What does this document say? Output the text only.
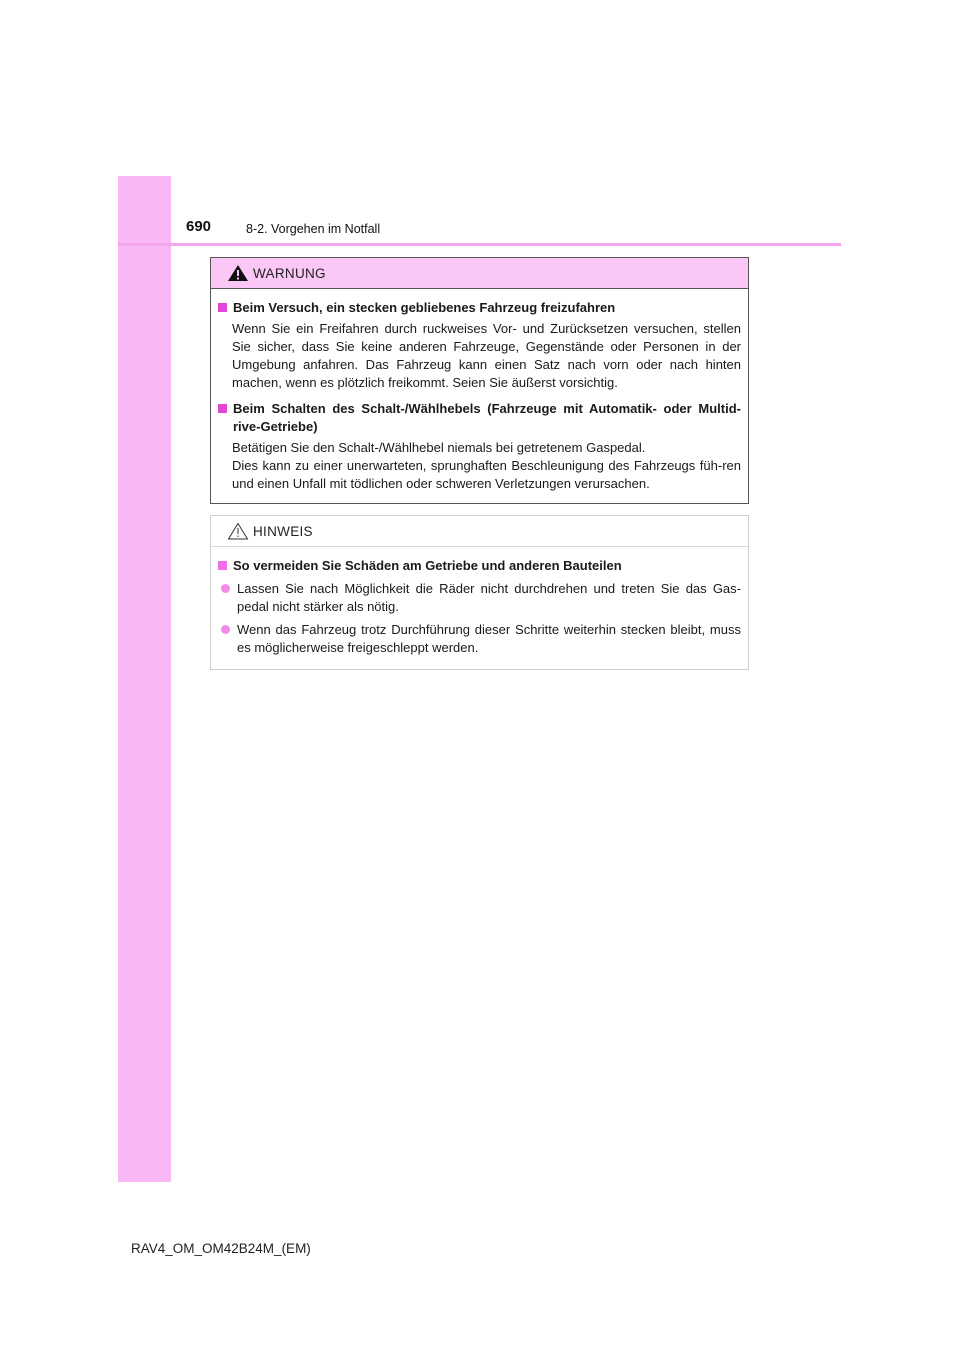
690	8-2. Vorgehen im Notfall
WARNUNG
Beim Versuch, ein stecken gebliebenes Fahrzeug freizufahren

Wenn Sie ein Freifahren durch ruckweises Vor- und Zurücksetzen versuchen, stellen Sie sicher, dass Sie keine anderen Fahrzeuge, Gegenstände oder Personen in der Umgebung anfahren. Das Fahrzeug kann einen Satz nach vorn oder nach hinten machen, wenn es plötzlich freikommt. Seien Sie äußerst vorsichtig.

Beim Schalten des Schalt-/Wählhebels (Fahrzeuge mit Automatik- oder Multid-rive-Getriebe)

Betätigen Sie den Schalt-/Wählhebel niemals bei getretenem Gaspedal.

Dies kann zu einer unerwarteten, sprunghaften Beschleunigung des Fahrzeugs füh-ren und einen Unfall mit tödlichen oder schweren Verletzungen verursachen.

HINWEIS
So vermeiden Sie Schäden am Getriebe und anderen Bauteilen
Lassen Sie nach Möglichkeit die Räder nicht durchdrehen und treten Sie das Gas-pedal nicht stärker als nötig.
Wenn das Fahrzeug trotz Durchführung dieser Schritte weiterhin stecken bleibt, muss es möglicherweise freigeschleppt werden.
RAV4_OM_OM42B24M_(EM)
